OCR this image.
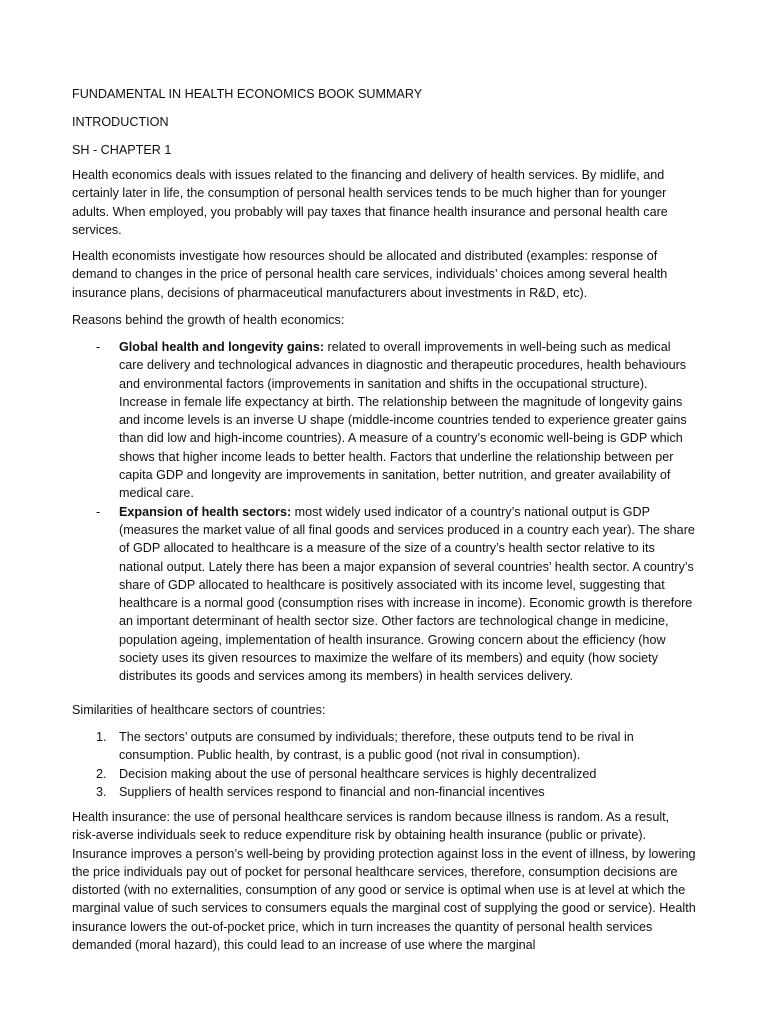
FUNDAMENTAL IN HEALTH ECONOMICS BOOK SUMMARY
INTRODUCTION
SH - CHAPTER 1

Health economics deals with issues related to the financing and delivery of health services. By midlife, and certainly later in life, the consumption of personal health services tends to be much higher than for younger adults. When employed, you probably will pay taxes that finance health insurance and personal health care services.

Health economists investigate how resources should be allocated and distributed (examples: response of demand to changes in the price of personal health care services, individuals’ choices among several health insurance plans, decisions of pharmaceutical manufacturers about investments in R&D, etc).

Reasons behind the growth of health economics:

- Global health and longevity gains: related to overall improvements in well-being such as medical care delivery and technological advances in diagnostic and therapeutic procedures, health behaviours and environmental factors (improvements in sanitation and shifts in the occupational structure). Increase in female life expectancy at birth. The relationship between the magnitude of longevity gains and income levels is an inverse U shape (middle-income countries tended to experience greater gains than did low and high-income countries). A measure of a country’s economic well-being is GDP which shows that higher income leads to better health. Factors that underline the relationship between per capita GDP and longevity are improvements in sanitation, better nutrition, and greater availability of medical care.
- Expansion of health sectors: most widely used indicator of a country’s national output is GDP (measures the market value of all final goods and services produced in a country each year). The share of GDP allocated to healthcare is a measure of the size of a country’s health sector relative to its national output. Lately there has been a major expansion of several countries’ health sector. A country’s share of GDP allocated to healthcare is positively associated with its income level, suggesting that healthcare is a normal good (consumption rises with increase in income). Economic growth is therefore an important determinant of health sector size. Other factors are technological change in medicine, population ageing, implementation of health insurance. Growing concern about the efficiency (how society uses its given resources to maximize the welfare of its members) and equity (how society distributes its goods and services among its members) in health services delivery.

Similarities of healthcare sectors of countries:

1. The sectors’ outputs are consumed by individuals; therefore, these outputs tend to be rival in consumption. Public health, by contrast, is a public good (not rival in consumption).
2. Decision making about the use of personal healthcare services is highly decentralized
3. Suppliers of health services respond to financial and non-financial incentives

Health insurance: the use of personal healthcare services is random because illness is random. As a result, risk-averse individuals seek to reduce expenditure risk by obtaining health insurance (public or private). Insurance improves a person’s well-being by providing protection against loss in the event of illness, by lowering the price individuals pay out of pocket for personal healthcare services, therefore, consumption decisions are distorted (with no externalities, consumption of any good or service is optimal when use is at level at which the marginal value of such services to consumers equals the marginal cost of supplying the good or service). Health insurance lowers the out-of-pocket price, which in turn increases the quantity of personal health services demanded (moral hazard), this could lead to an increase of use where the marginal
